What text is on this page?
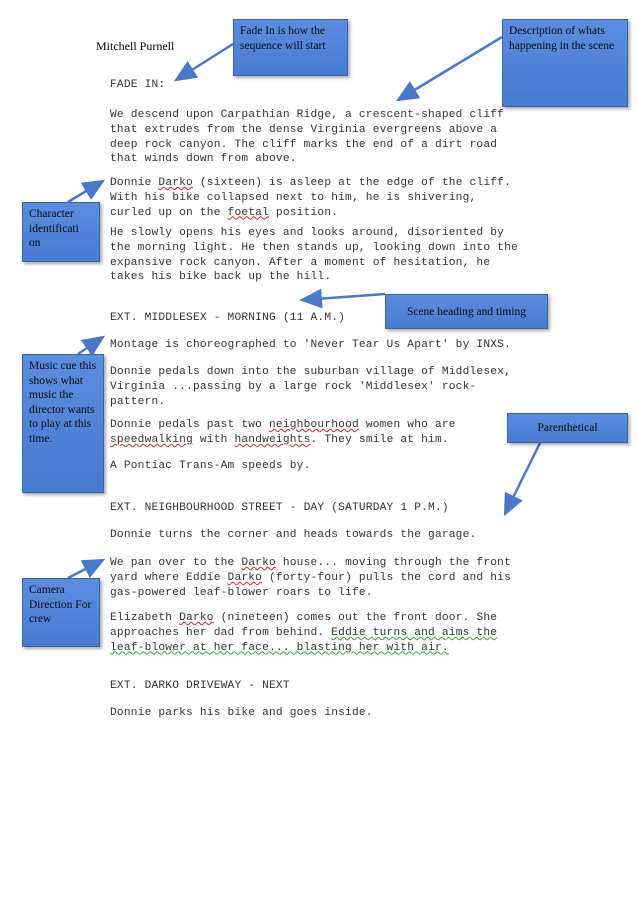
Mitchell Purnell
FADE IN:
We descend upon Carpathian Ridge, a crescent-shaped cliff
that extrudes from the dense Virginia evergreens above a
deep rock canyon. The cliff marks the end of a dirt road
that winds down from above.
Donnie Darko (sixteen) is asleep at the edge of the cliff.
With his bike collapsed next to him, he is shivering,
curled up on the foetal position.
He slowly opens his eyes and looks around, disoriented by
the morning light. He then stands up, looking down into the
expansive rock canyon. After a moment of hesitation, he
takes his bike back up the hill.
EXT. MIDDLESEX - MORNING (11 A.M.)
Montage is choreographed to 'Never Tear Us Apart' by INXS.
Donnie pedals down into the suburban village of Middlesex,
Virginia ...passing by a large rock 'Middlesex' rock-
pattern.
Donnie pedals past two neighbourhood women who are
speedwalking with handweights. They smile at him.
A Pontiac Trans-Am speeds by.
EXT. NEIGHBOURHOOD STREET - DAY (SATURDAY 1 P.M.)
Donnie turns the corner and heads towards the garage.
We pan over to the Darko house... moving through the front
yard where Eddie Darko (forty-four) pulls the cord and his
gas-powered leaf-blower roars to life.
Elizabeth Darko (nineteen) comes out the front door. She
approaches her dad from behind. Eddie turns and aims the
leaf-blower at her face... blasting her with air.
EXT. DARKO DRIVEWAY - NEXT
Donnie parks his bike and goes inside.
Fade In is how the sequence will start
Description of whats happening in the scene
Character identificati on
Scene heading and timing
Music cue this shows what music the director wants to play at this time.
Parenthetical
Camera Direction For crew
